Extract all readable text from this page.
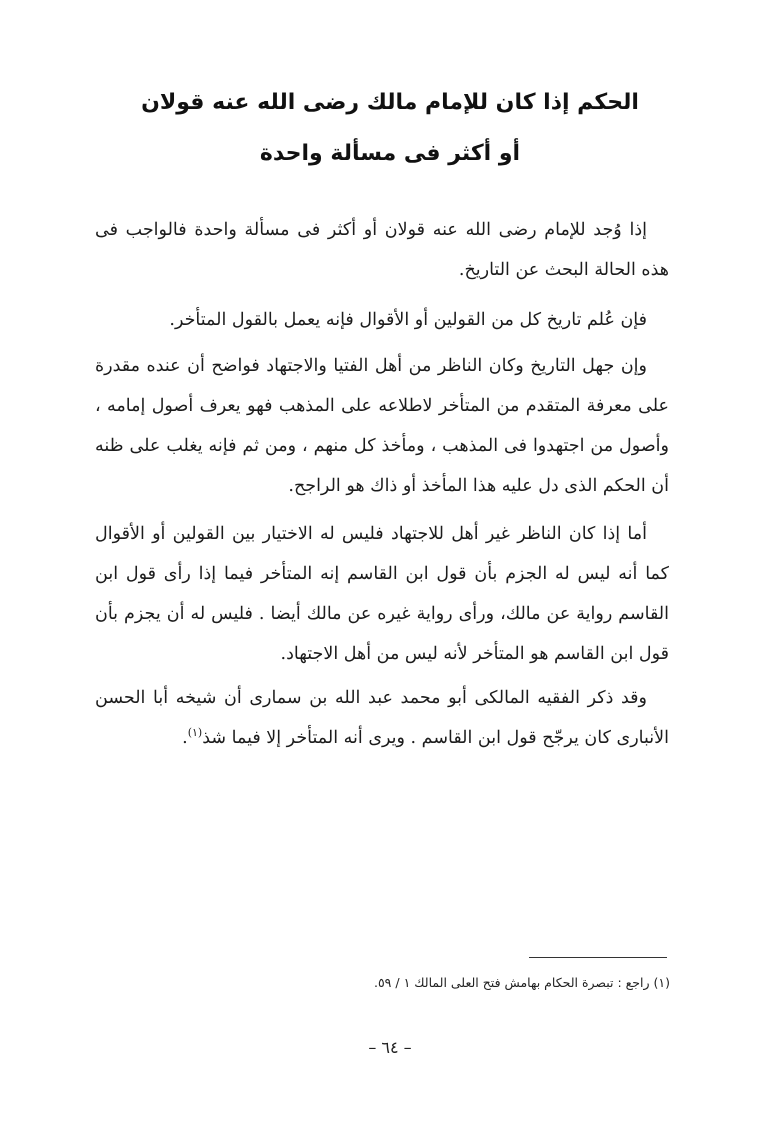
الحكم إذا كان للإمام مالك رضى الله عنه قولان
أو أكثر فى مسألة واحدة

إذا وُجد للإمام رضى الله عنه قولان أو أكثر فى مسألة واحدة فالواجب فى هذه الحالة البحث عن التاريخ.

فإن عُلم تاريخ كل من القولين أو الأقوال فإنه يعمل بالقول المتأخر.

وإن جهل التاريخ وكان الناظر من أهل الفتيا والاجتهاد فواضح أن عنده مقدرة على معرفة المتقدم من المتأخر لاطلاعه على المذهب فهو يعرف أصول إمامه ، وأصول من اجتهدوا فى المذهب ، ومأخذ كل منهم ، ومن ثم فإنه يغلب على ظنه أن الحكم الذى دل عليه هذا المأخذ أو ذاك هو الراجح.

أما إذا كان الناظر غير أهل للاجتهاد فليس له الاختيار بين القولين أو الأقوال كما أنه ليس له الجزم بأن قول ابن القاسم إنه المتأخر فيما إذا رأى قول ابن القاسم رواية عن مالك، ورأى رواية غيره عن مالك أيضا . فليس له أن يجزم بأن قول ابن القاسم هو المتأخر لأنه ليس من أهل الاجتهاد.

وقد ذكر الفقيه المالكى أبو محمد عبد الله بن سمارى أن شيخه أبا الحسن الأنبارى كان يرجّح قول ابن القاسم . ويرى أنه المتأخر إلا فيما شذ$^{(١)}$.

(١) راجع : تبصرة الحكام بهامش فتح العلى المالك ١ / ٥٩.
– ٦٤ –
